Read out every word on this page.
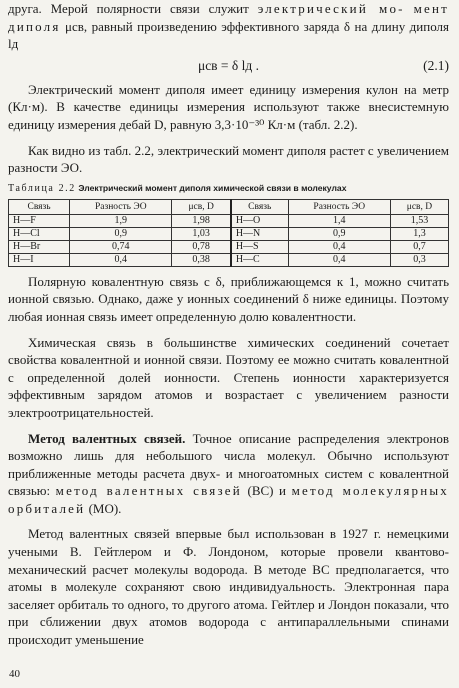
друга. Мерой полярности связи служит электрический мо- мент диполя μсв, равный произведению эффективного заряда δ на длину диполя lд

μсв = δ lд .	(2.1)

Электрический момент диполя имеет единицу измерения кулон на метр (Кл·м). В качестве единицы измерения используют также внесистемную единицу измерения дебай D, равную 3,3·10⁻³⁰ Кл·м (табл. 2.2).

Как видно из табл. 2.2, электрический момент диполя растет с увеличением разности ЭО.

Таблица 2.2 Электрический момент диполя химической связи в молекулах
Связь	Разность ЭО	μсв, D	Связь	Разность ЭО	μсв, D
H—F	1,9	1,98	H—O	1,4	1,53
H—Cl	0,9	1,03	H—N	0,9	1,3
H—Br	0,74	0,78	H—S	0,4	0,7
H—I	0,4	0,38	H—C	0,4	0,3

Полярную ковалентную связь с δ, приближающемся к 1, можно считать ионной связью. Однако, даже у ионных соединений δ ниже единицы. Поэтому любая ионная связь имеет определенную долю ковалентности.

Химическая связь в большинстве химических соединений сочетает свойства ковалентной и ионной связи. Поэтому ее можно считать ковалентной с определенной долей ионности. Степень ионности характеризуется эффективным зарядом атомов и возрастает с увеличением разности электроотрицательностей.

Метод валентных связей. Точное описание распределения электронов возможно лишь для небольшого числа молекул. Обычно используют приближенные методы расчета двух- и многоатомных систем с ковалентной связью: метод валентных связей (ВС) и метод молекулярных орбиталей (МО).

Метод валентных связей впервые был использован в 1927 г. немецкими учеными В. Гейтлером и Ф. Лондоном, которые провели квантово-механический расчет молекулы водорода. В методе ВС предполагается, что атомы в молекуле сохраняют свою индивидуальность. Электронная пара заселяет орбиталь то одного, то другого атома. Гейтлер и Лондон показали, что при сближении двух атомов водорода с антипараллельными спинами происходит уменьшение

40
